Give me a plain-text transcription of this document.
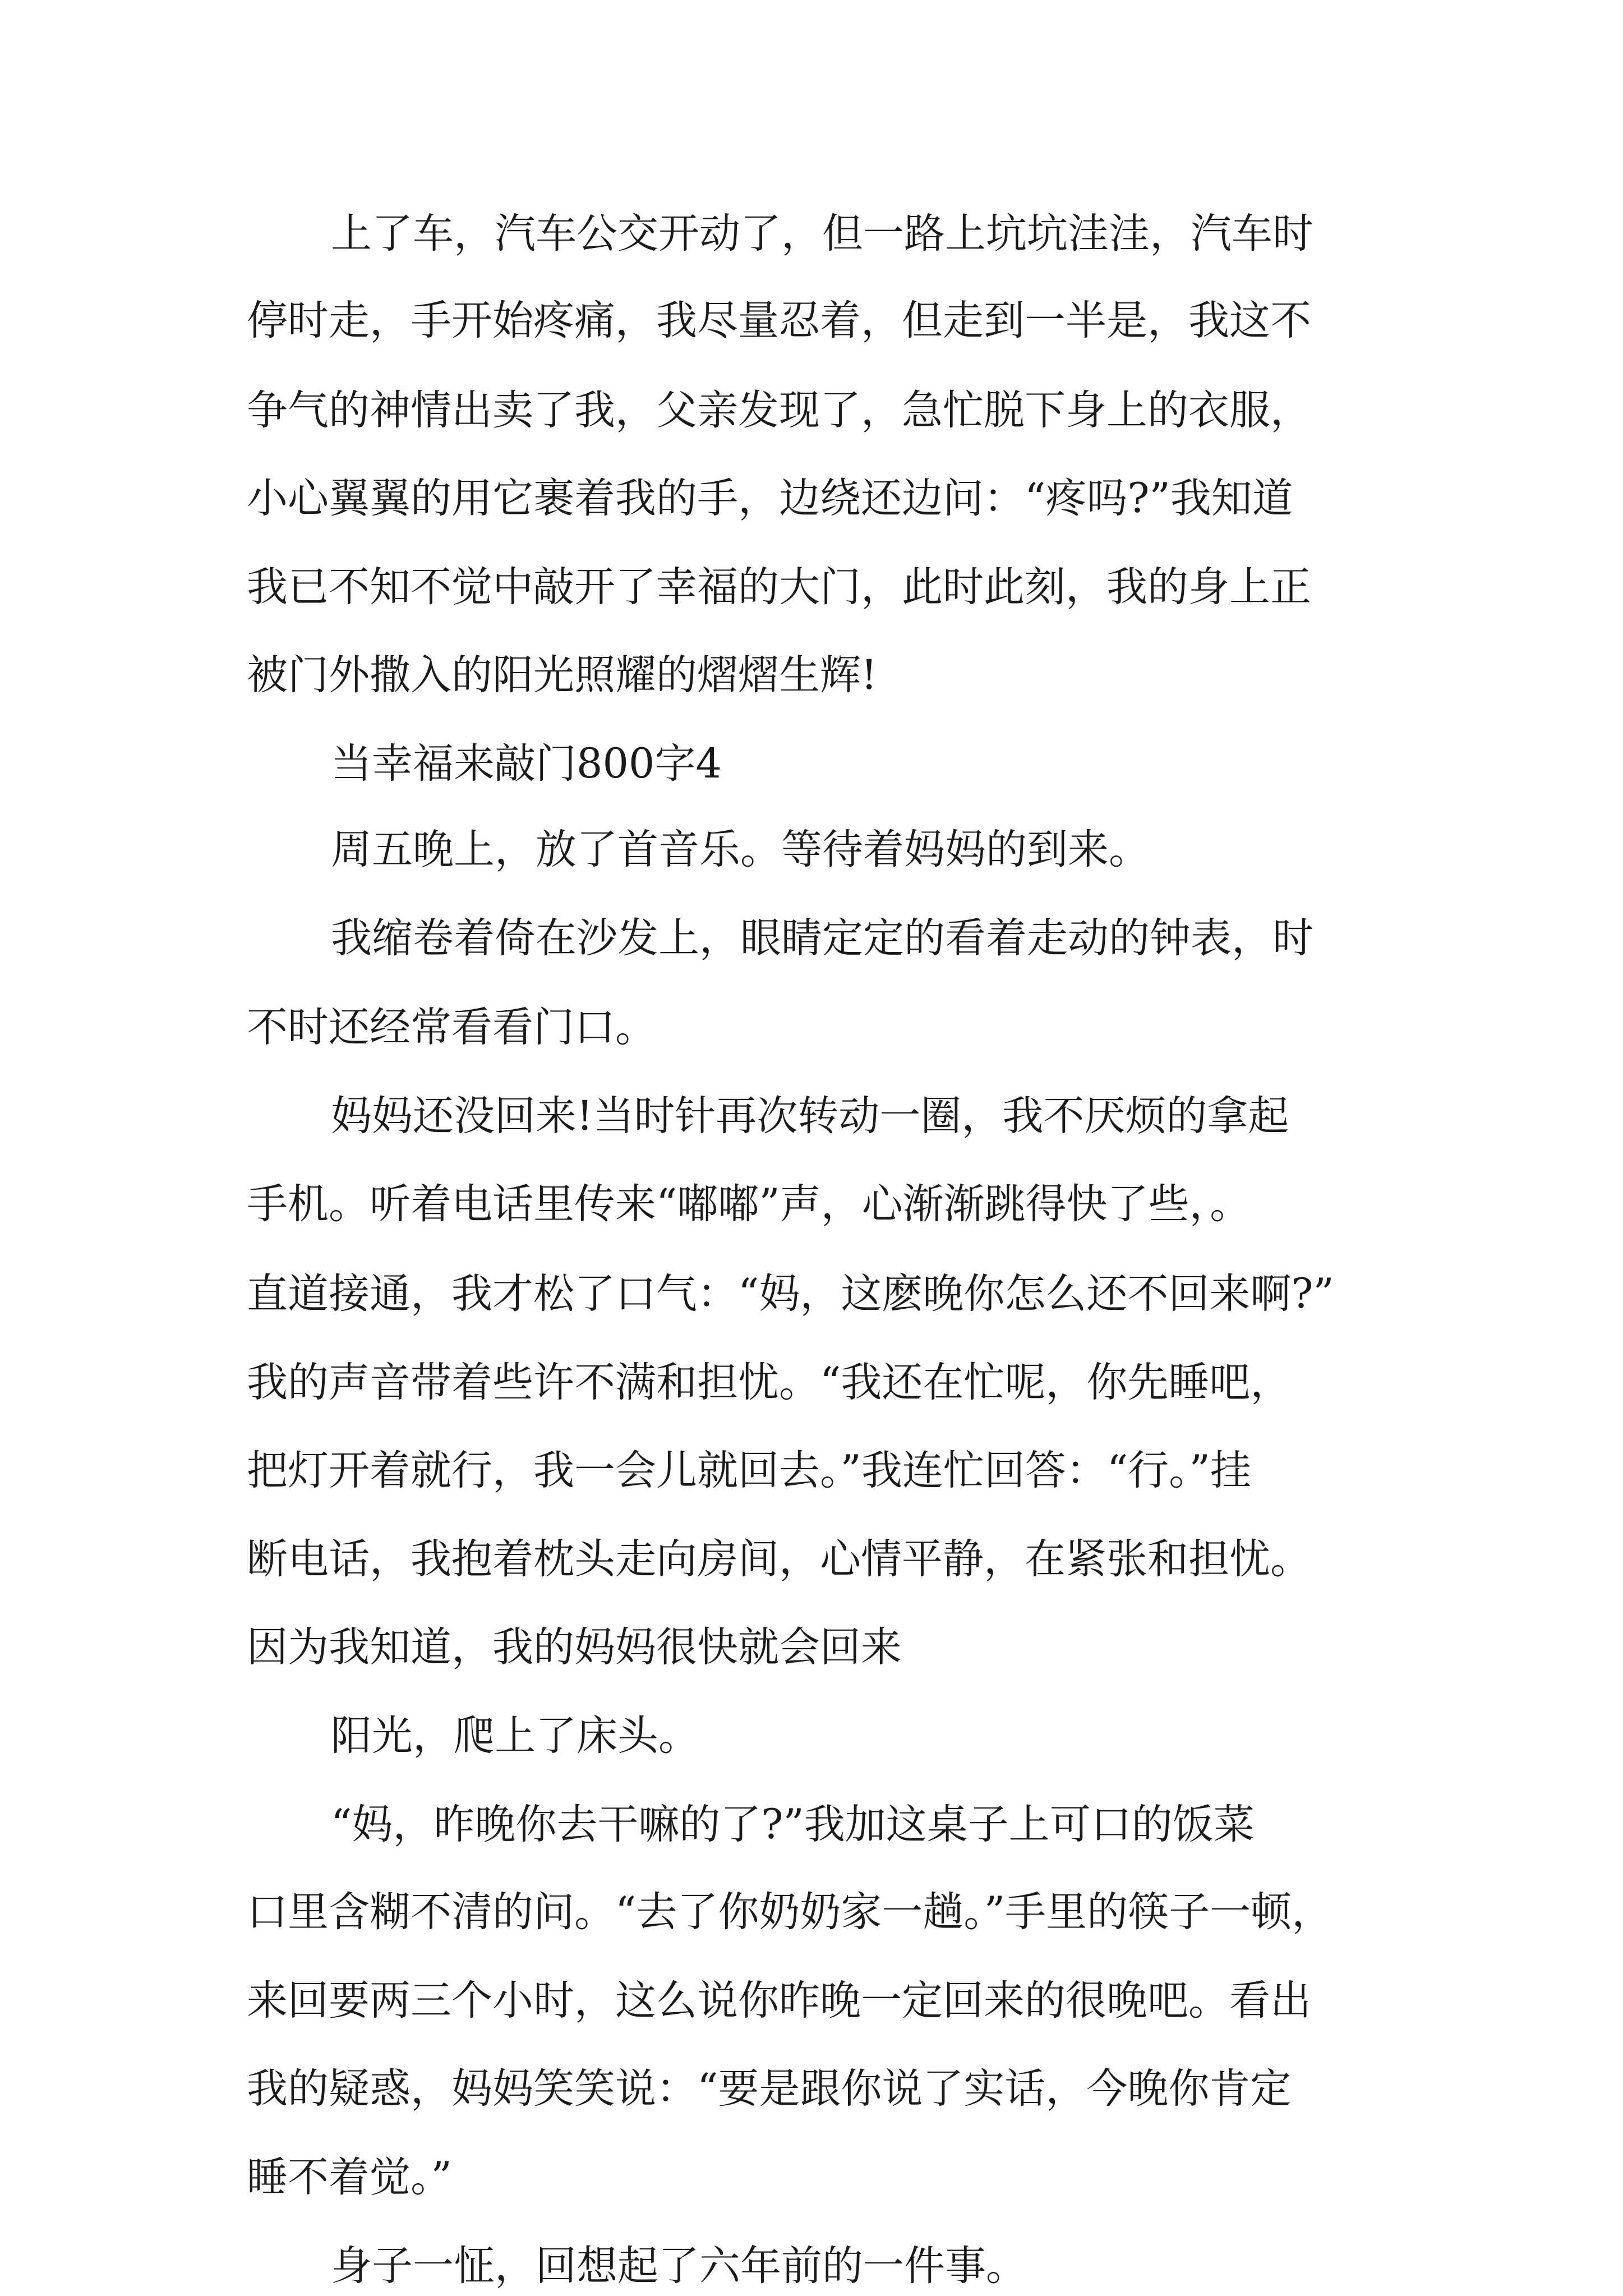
上了车，汽车公交开动了，但一路上坑坑洼洼，汽车时
停时走，手开始疼痛，我尽量忍着，但走到一半是，我这不
争气的神情出卖了我，父亲发现了，急忙脱下身上的衣服，
小心翼翼的用它裹着我的手，边绕还边问：“疼吗?”我知道
我已不知不觉中敲开了幸福的大门，此时此刻，我的身上正
被门外撒入的阳光照耀的熠熠生辉!
当幸福来敲门800字4
周五晚上，放了首音乐。等待着妈妈的到来。
我缩卷着倚在沙发上，眼睛定定的看着走动的钟表，时
不时还经常看看门口。
妈妈还没回来!当时针再次转动一圈，我不厌烦的拿起
手机。听着电话里传来“嘟嘟”声，心渐渐跳得快了些，。
直道接通，我才松了口气：“妈，这麽晚你怎么还不回来啊?”
我的声音带着些许不满和担忧。“我还在忙呢，你先睡吧，
把灯开着就行，我一会儿就回去。”我连忙回答：“行。”挂
断电话，我抱着枕头走向房间，心情平静，在紧张和担忧。
因为我知道，我的妈妈很快就会回来
阳光，爬上了床头。
“妈，昨晚你去干嘛的了?”我加这桌子上可口的饭菜
口里含糊不清的问。“去了你奶奶家一趟。”手里的筷子一顿，
来回要两三个小时，这么说你昨晚一定回来的很晚吧。看出
我的疑惑，妈妈笑笑说：“要是跟你说了实话，今晚你肯定
睡不着觉。”
身子一怔，回想起了六年前的一件事。
